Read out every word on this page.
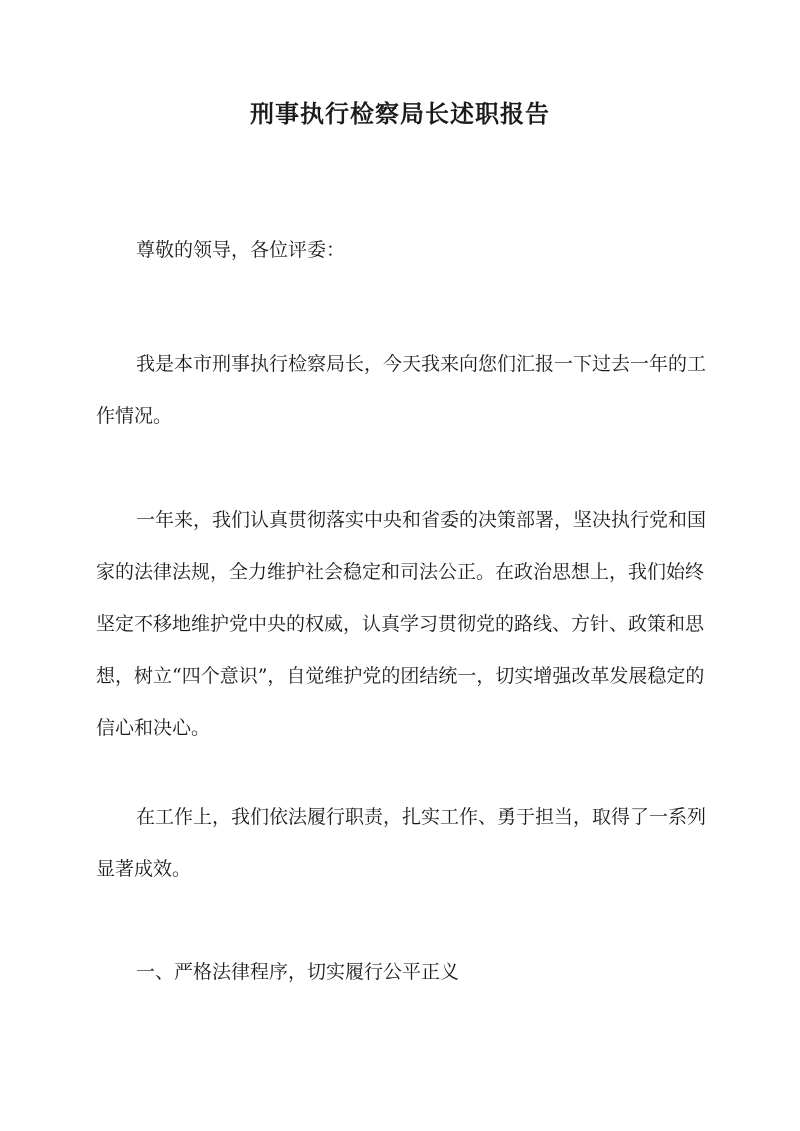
刑事执行检察局长述职报告

尊敬的领导，各位评委：

我是本市刑事执行检察局长，今天我来向您们汇报一下过去一年的工作情况。

一年来，我们认真贯彻落实中央和省委的决策部署，坚决执行党和国家的法律法规，全力维护社会稳定和司法公正。在政治思想上，我们始终坚定不移地维护党中央的权威，认真学习贯彻党的路线、方针、政策和思想，树立“四个意识”，自觉维护党的团结统一，切实增强改革发展稳定的信心和决心。

在工作上，我们依法履行职责，扎实工作、勇于担当，取得了一系列显著成效。

一、严格法律程序，切实履行公平正义
